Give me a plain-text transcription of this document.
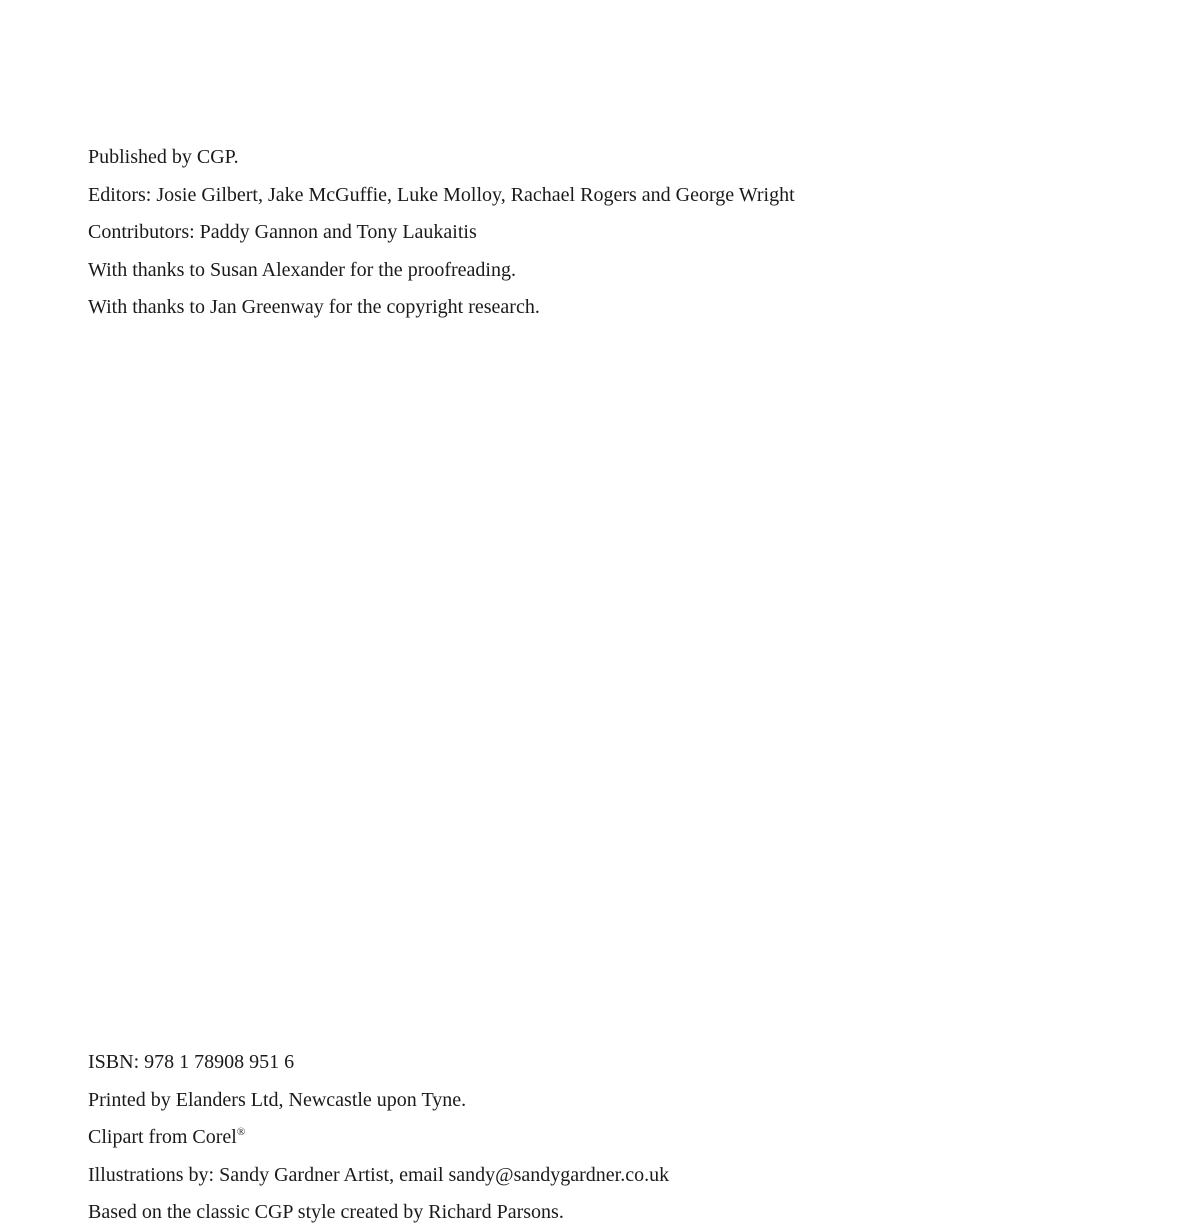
Published by CGP.
Editors: Josie Gilbert, Jake McGuffie, Luke Molloy, Rachael Rogers and George Wright
Contributors: Paddy Gannon and Tony Laukaitis
With thanks to Susan Alexander for the proofreading.
With thanks to Jan Greenway for the copyright research.
ISBN: 978 1 78908 951 6
Printed by Elanders Ltd, Newcastle upon Tyne.
Clipart from Corel®
Illustrations by: Sandy Gardner Artist, email sandy@sandygardner.co.uk
Based on the classic CGP style created by Richard Parsons.
